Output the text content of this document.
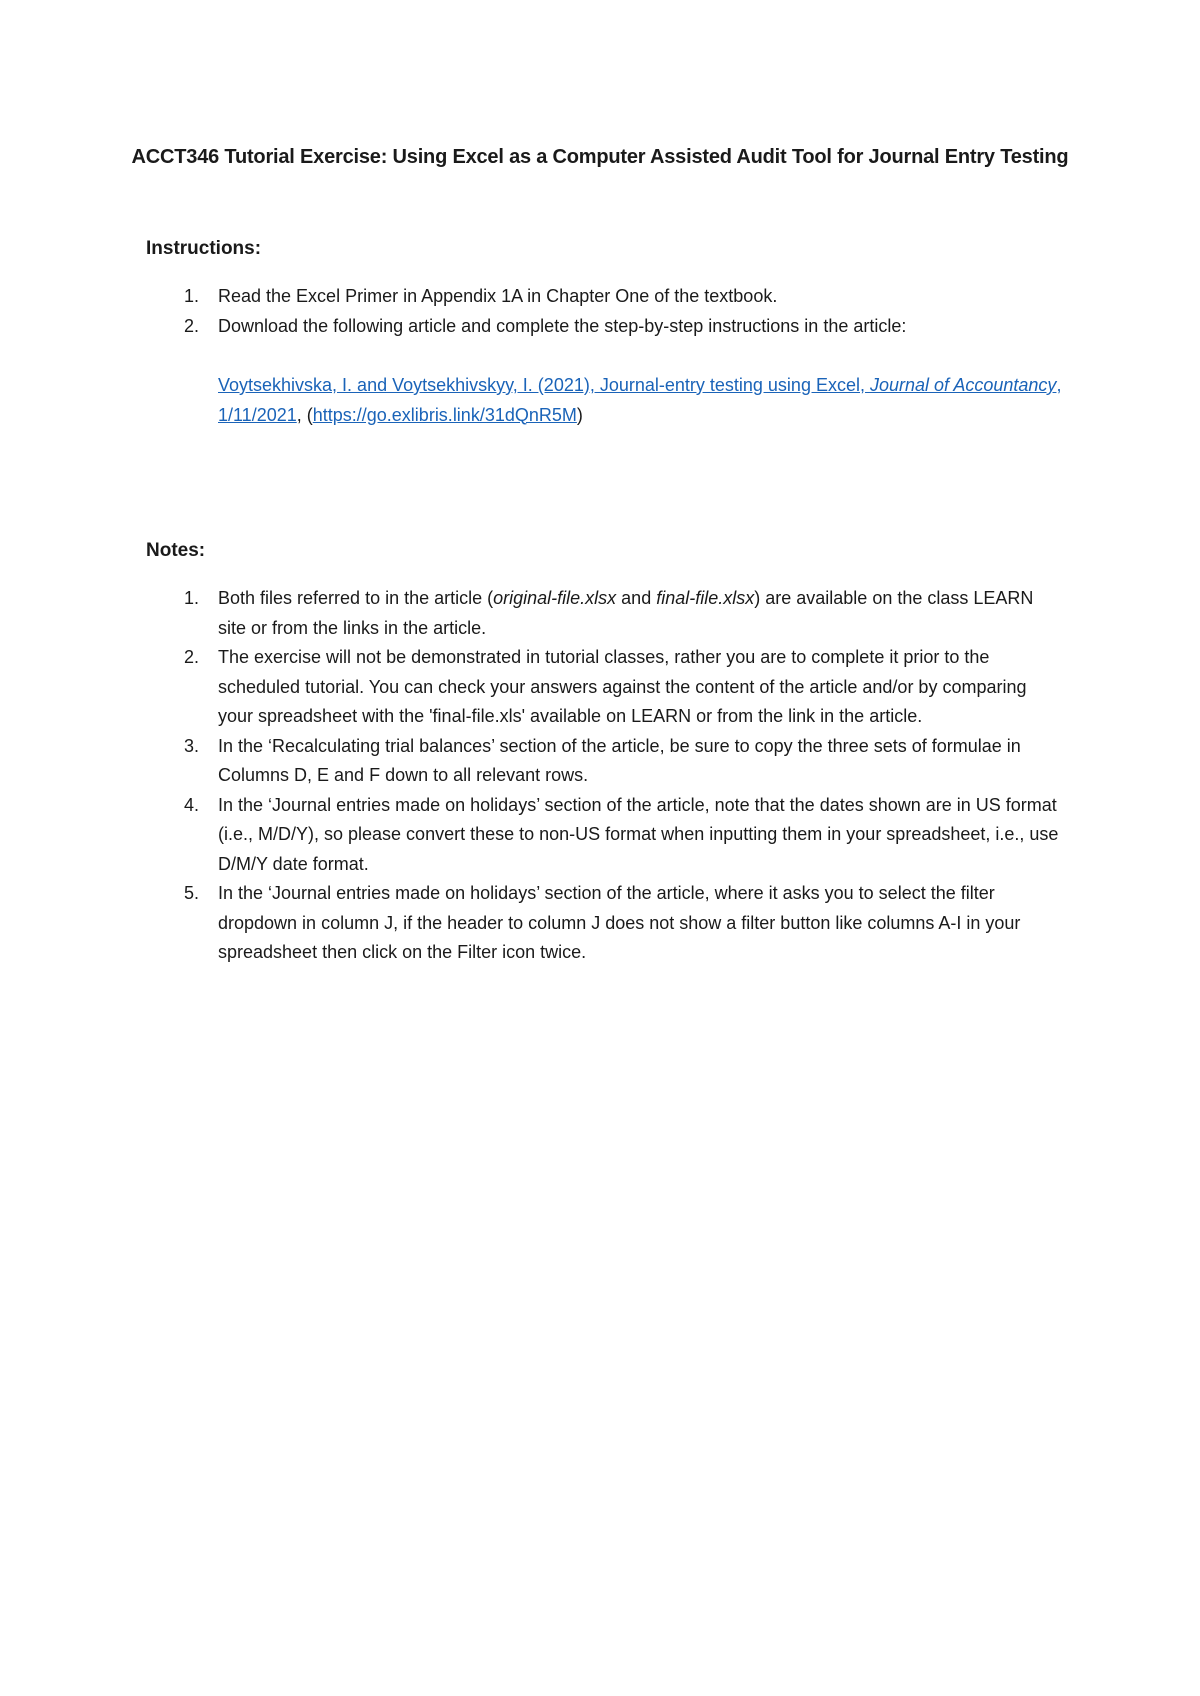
ACCT346 Tutorial Exercise: Using Excel as a Computer Assisted Audit Tool for Journal Entry Testing
Instructions:
1. Read the Excel Primer in Appendix 1A in Chapter One of the textbook.
2. Download the following article and complete the step-by-step instructions in the article:
Voytsekhivska, I. and Voytsekhivskyy, I. (2021), Journal-entry testing using Excel, Journal of Accountancy, 1/11/2021, (https://go.exlibris.link/31dQnR5M)
Notes:
1. Both files referred to in the article (original-file.xlsx and final-file.xlsx) are available on the class LEARN site or from the links in the article.
2. The exercise will not be demonstrated in tutorial classes, rather you are to complete it prior to the scheduled tutorial. You can check your answers against the content of the article and/or by comparing your spreadsheet with the 'final-file.xls' available on LEARN or from the link in the article.
3. In the ‘Recalculating trial balances’ section of the article, be sure to copy the three sets of formulae in Columns D, E and F down to all relevant rows.
4. In the ‘Journal entries made on holidays’ section of the article, note that the dates shown are in US format (i.e., M/D/Y), so please convert these to non-US format when inputting them in your spreadsheet, i.e., use D/M/Y date format.
5. In the ‘Journal entries made on holidays’ section of the article, where it asks you to select the filter dropdown in column J, if the header to column J does not show a filter button like columns A-I in your spreadsheet then click on the Filter icon twice.
